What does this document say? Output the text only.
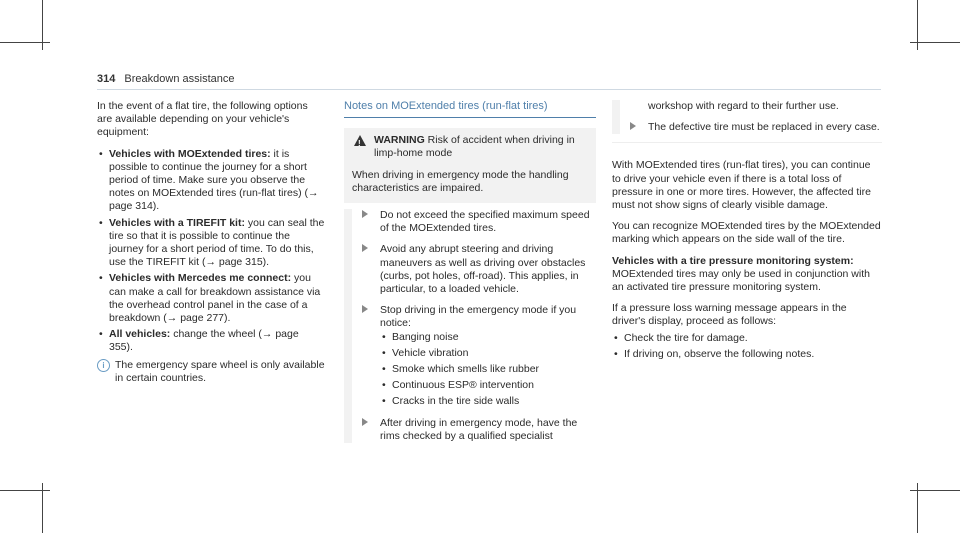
314 Breakdown assistance

In the event of a flat tire, the following options are available depending on your vehicle's equipment:

• Vehicles with MOExtended tires: it is possible to continue the journey for a short period of time. Make sure you observe the notes on MOExtended tires (run-flat tires) (→ page 314).
• Vehicles with a TIREFIT kit: you can seal the tire so that it is possible to continue the journey for a short period of time. To do this, use the TIREFIT kit (→ page 315).
• Vehicles with Mercedes me connect: you can make a call for breakdown assistance via the overhead control panel in the case of a breakdown (→ page 277).
• All vehicles: change the wheel (→ page 355).
i The emergency spare wheel is only available in certain countries.
Notes on MOExtended tires (run-flat tires)

! WARNING Risk of accident when driving in limp-home mode

When driving in emergency mode the handling characteristics are impaired.

Do not exceed the specified maximum speed of the MOExtended tires.
Avoid any abrupt steering and driving maneuvers as well as driving over obstacles (curbs, pot holes, off-road). This applies, in particular, to a loaded vehicle.
Stop driving in the emergency mode if you notice:
• Banging noise
• Vehicle vibration
• Smoke which smells like rubber
• Continuous ESP® intervention
• Cracks in the tire side walls
After driving in emergency mode, have the rims checked by a qualified specialist
workshop with regard to their further use.
The defective tire must be replaced in every case.

With MOExtended tires (run-flat tires), you can continue to drive your vehicle even if there is a total loss of pressure in one or more tires. However, the affected tire must not show signs of clearly visible damage.

You can recognize MOExtended tires by the MOExtended marking which appears on the side wall of the tire.

Vehicles with a tire pressure monitoring system:
MOExtended tires may only be used in conjunction with an activated tire pressure monitoring system.

If a pressure loss warning message appears in the driver's display, proceed as follows:

• Check the tire for damage.
• If driving on, observe the following notes.
